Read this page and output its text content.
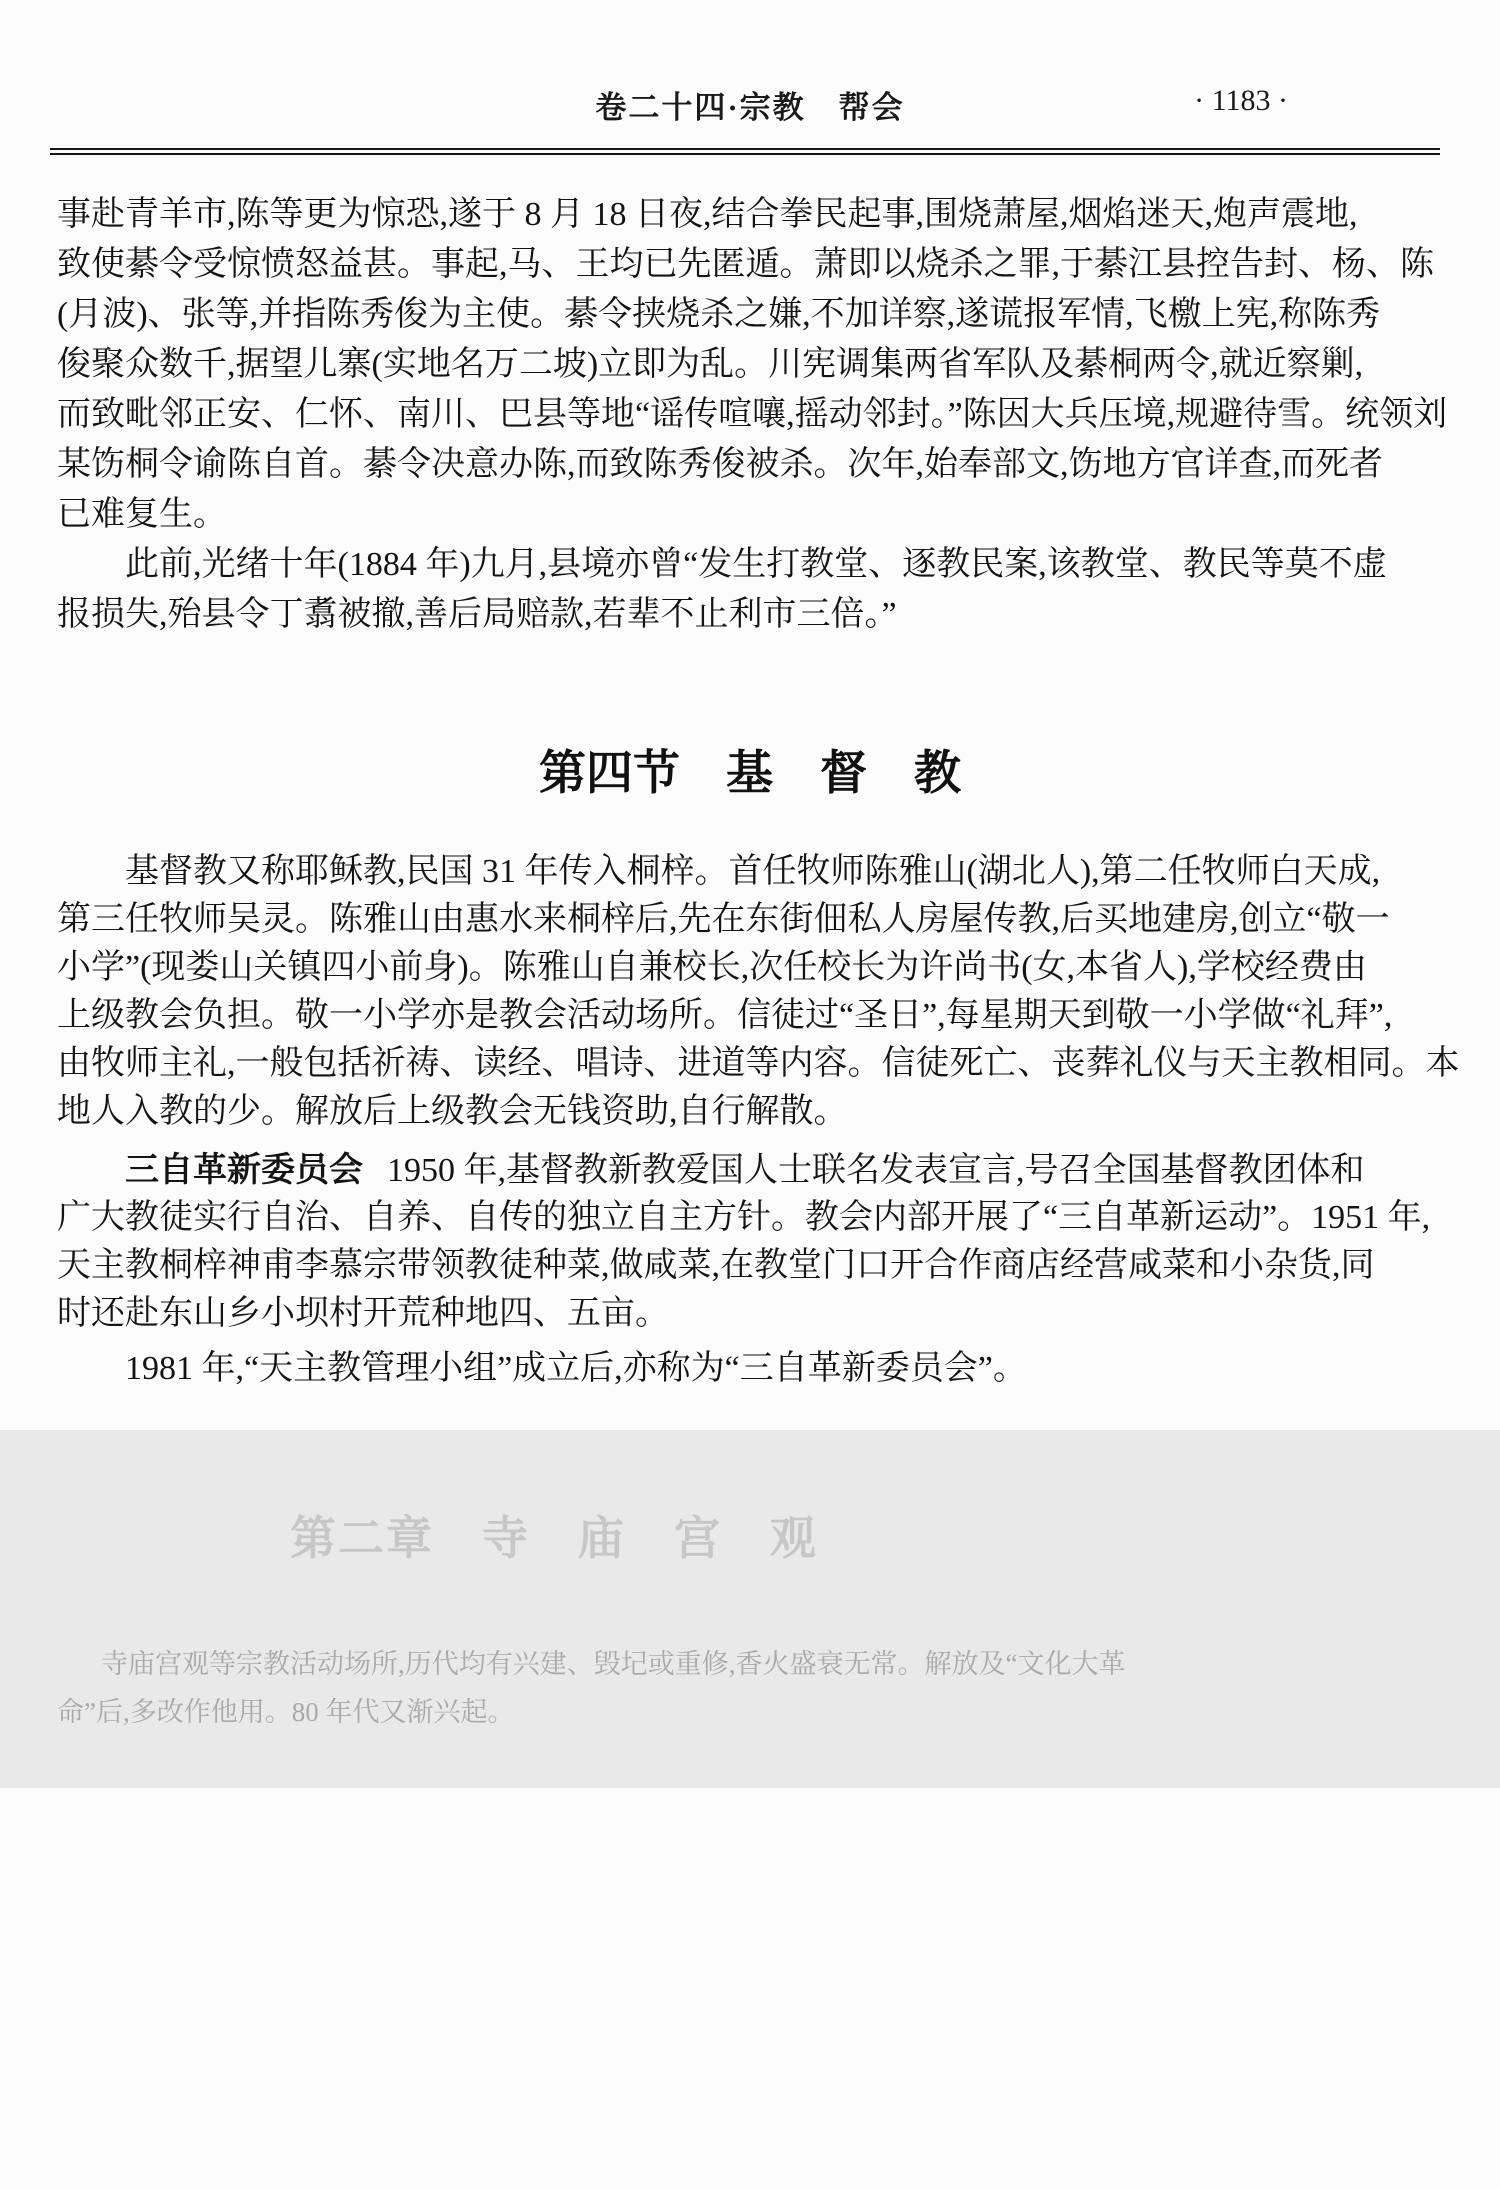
卷二十四·宗教　帮会	· 1183 ·
事赴青羊市,陈等更为惊恐,遂于 8 月 18 日夜,结合拳民起事,围烧萧屋,烟焰迷天,炮声震地,
致使綦令受惊愤怒益甚。事起,马、王均已先匿遁。萧即以烧杀之罪,于綦江县控告封、杨、陈
(月波)、张等,并指陈秀俊为主使。綦令挟烧杀之嫌,不加详察,遂谎报军情,飞檄上宪,称陈秀
俊聚众数千,据望儿寨(实地名万二坡)立即为乱。川宪调集两省军队及綦桐两令,就近察剿,
而致毗邻正安、仁怀、南川、巴县等地“谣传喧嚷,摇动邻封。”陈因大兵压境,规避待雪。统领刘
某饬桐令谕陈自首。綦令决意办陈,而致陈秀俊被杀。次年,始奉部文,饬地方官详查,而死者
已难复生。
此前,光绪十年(1884 年)九月,县境亦曾“发生打教堂、逐教民案,该教堂、教民等莫不虚
报损失,殆县令丁翥被撤,善后局赔款,若辈不止利市三倍。”
第四节 基　督　教
基督教又称耶稣教,民国 31 年传入桐梓。首任牧师陈雅山(湖北人),第二任牧师白天成,
第三任牧师吴灵。陈雅山由惠水来桐梓后,先在东街佃私人房屋传教,后买地建房,创立“敬一
小学”(现娄山关镇四小前身)。陈雅山自兼校长,次任校长为许尚书(女,本省人),学校经费由
上级教会负担。敬一小学亦是教会活动场所。信徒过“圣日”,每星期天到敬一小学做“礼拜”,
由牧师主礼,一般包括祈祷、读经、唱诗、进道等内容。信徒死亡、丧葬礼仪与天主教相同。本
地人入教的少。解放后上级教会无钱资助,自行解散。
三自革新委员会 1950 年,基督教新教爱国人士联名发表宣言,号召全国基督教团体和
广大教徒实行自治、自养、自传的独立自主方针。教会内部开展了“三自革新运动”。1951 年,
天主教桐梓神甫李慕宗带领教徒种菜,做咸菜,在教堂门口开合作商店经营咸菜和小杂货,同
时还赴东山乡小坝村开荒种地四、五亩。
1981 年,“天主教管理小组”成立后,亦称为“三自革新委员会”。
第二章 寺　庙　宫　观
寺庙宫观等宗教活动场所,历代均有兴建、毁圮或重修,香火盛衰无常。解放及“文化大革
命”后,多改作他用。80 年代又渐兴起。
